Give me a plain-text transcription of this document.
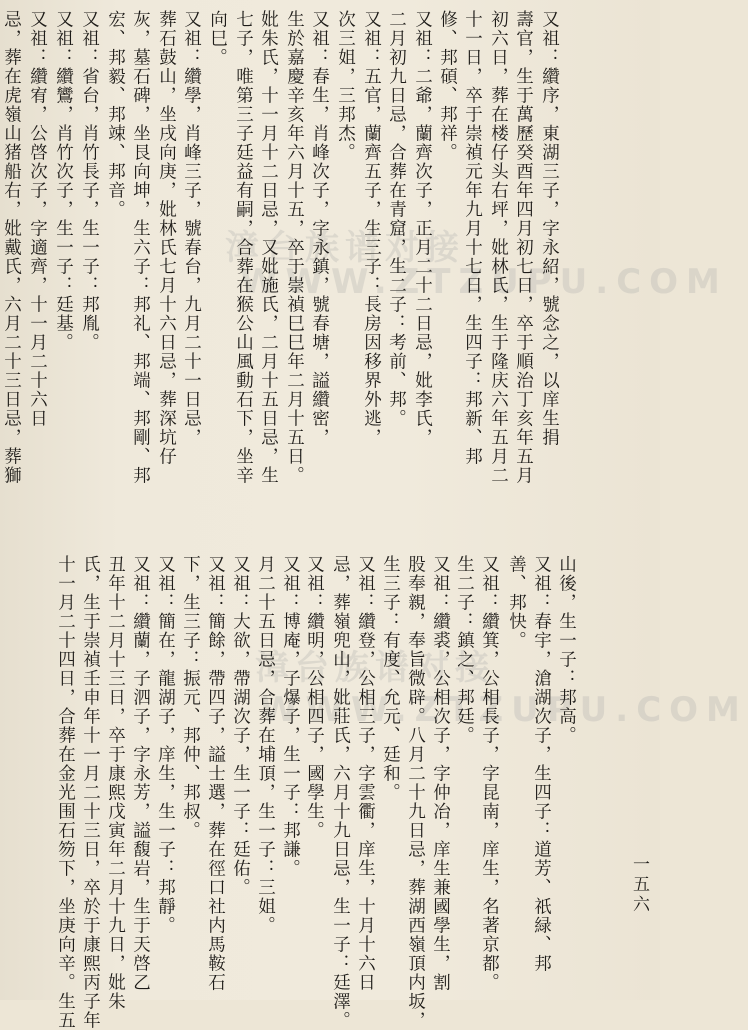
漳台族谱对接
WWW.ZTZUPU.COM
漳台族谱对接
WWW.ZTZUPU.COM
一五六
山後，生一子：邦高。
又祖：春宇，滄湖次子，生四子：道芳、祇緑、邦
善、邦快。
又祖：纘箕，公相長子，字昆南，庠生，名著京都。
生二子：鎮之、邦廷。
又祖：纘裘，公相次子，字仲冶，庠生兼國學生，割
股奉親，奉旨微辟。八月二十九日忌，葬湖西嶺頂内坂，
生三子：有度、允元、廷和。
又祖：纘登，公相三子，字雲衢，庠生，十月十六日
忌，葬嶺兜山，妣莊氏，六月十九日忌，生一子：廷澤。
又祖：纘明，公相四子，國學生。
又祖：博庵，子爆子，生一子：邦謙。
月二十五日忌，合葬在埔頂，生一子：三姐。
又祖：大欲，帶湖次子，生一子：廷佑。
又祖：簡餘，帶四子，謚士選，葬在徑口社内馬鞍石
下，生三子：振元、邦仲、邦叔。
又祖：簡在，龍湖子，庠生，生一子：邦靜。
又祖：纘蘭，子泗子，字永芳，謚馥岩，生于天啓乙
丑年十二月十三日，卒于康熙戊寅年二月十九日，妣朱
氏，生于崇禎壬申年十一月二十三日，卒於于康熙丙子年
十一月二十四日，合葬在金光围石笏下，坐庚向辛。生五
又祖：纘序，東湖三子，字永紹，號念之，以庠生捐
壽官，生于萬歷癸酉年四月初七日，卒于順治丁亥年五月
初六日，葬在楼仔头右坪，妣林氏，生于隆庆六年五月二
十一日，卒于崇禎元年九月十七日，生四子：邦新、邦
修、邦碩、邦祥。
又祖：二爺，蘭齊次子，正月二十二日忌，妣李氏，
二月初九日忌，合葬在青窟，生二子：考前、邦。
又祖：五官，蘭齊五子，生三子：長房因移界外逃，
次三姐，三邦杰。
又祖：春生，肖峰次子，字永鎮，號春塘，謚纘密，
生於嘉慶辛亥年六月十五，卒于崇禎巳巳年二月十五日。
妣朱氏，十一月十二日忌，又妣施氏，二月十五日忌，生
七子，唯第三子廷益有嗣，合葬在猴公山風動石下，坐辛
向巳。
又祖：纘學，肖峰三子，號春台，九月二十一日忌，
葬石鼓山，坐戌向庚，妣林氏七月十六日忌，葬深坑仔
灰，墓石碑，坐艮向坤，生六子：邦礼、邦端、邦剛、邦
宏、邦毅、邦竦、邦音。
又祖：省台，肖竹長子，生一子：邦胤。
又祖：纘鸞，肖竹次子，生一子：廷基。
又祖：纘宥，公啓次子，字適齊，十一月二十六日
忌，葬在虎嶺山猪船右，妣戴氏，六月二十三日忌，葬獅
